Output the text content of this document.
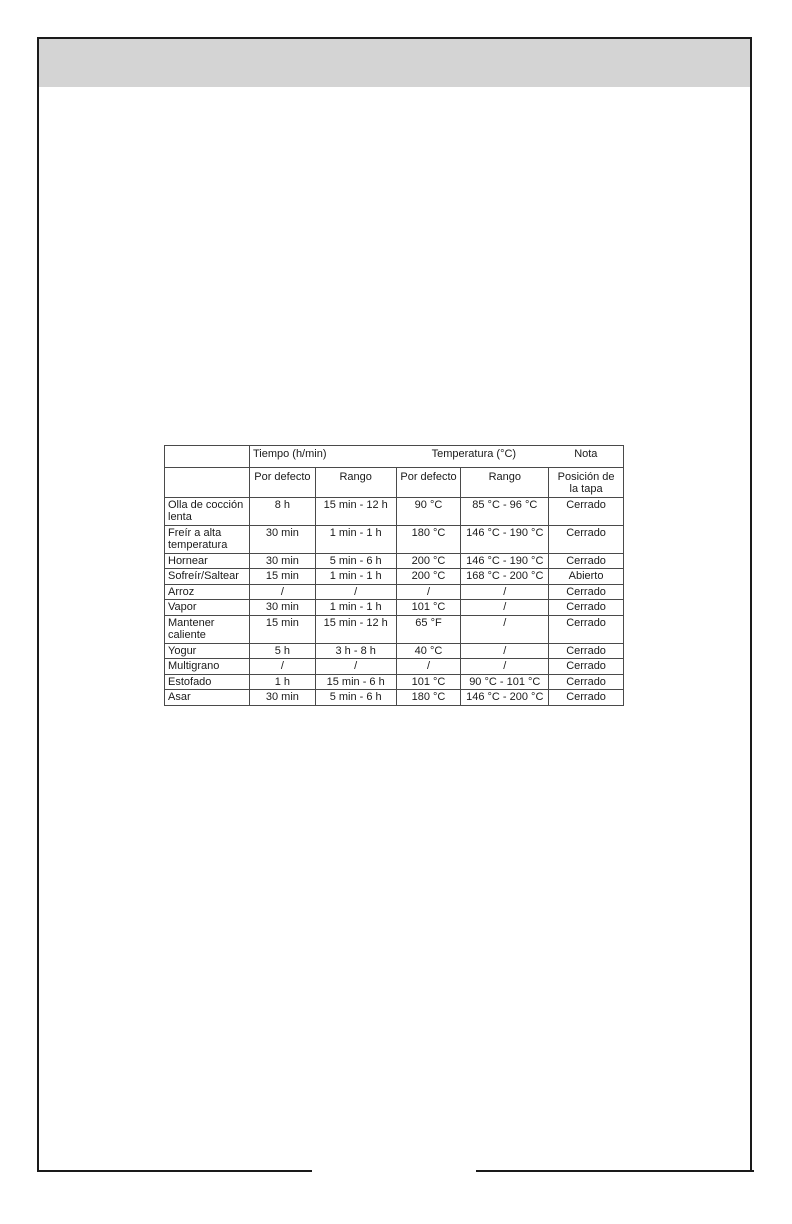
	Tiempo (h/min)		Temperatura (°C)		Nota
	Por defecto	Rango	Por defecto	Rango	Posición de la tapa
Olla de cocción lenta	8 h	15 min - 12 h	90 °C	85 °C - 96 °C	Cerrado
Freír a alta temperatura	30 min	1 min - 1 h	180 °C	146 °C - 190 °C	Cerrado
Hornear	30 min	5 min - 6 h	200 °C	146 °C - 190 °C	Cerrado
Sofreír/Saltear	15 min	1 min - 1 h	200 °C	168 °C - 200 °C	Abierto
Arroz	/	/	/	/	Cerrado
Vapor	30 min	1 min - 1 h	101 °C	/	Cerrado
Mantener caliente	15 min	15 min - 12 h	65 °F	/	Cerrado
Yogur	5 h	3 h - 8 h	40 °C	/	Cerrado
Multigrano	/	/	/	/	Cerrado
Estofado	1 h	15 min - 6 h	101 °C	90 °C - 101 °C	Cerrado
Asar	30 min	5 min - 6 h	180 °C	146 °C - 200 °C	Cerrado
